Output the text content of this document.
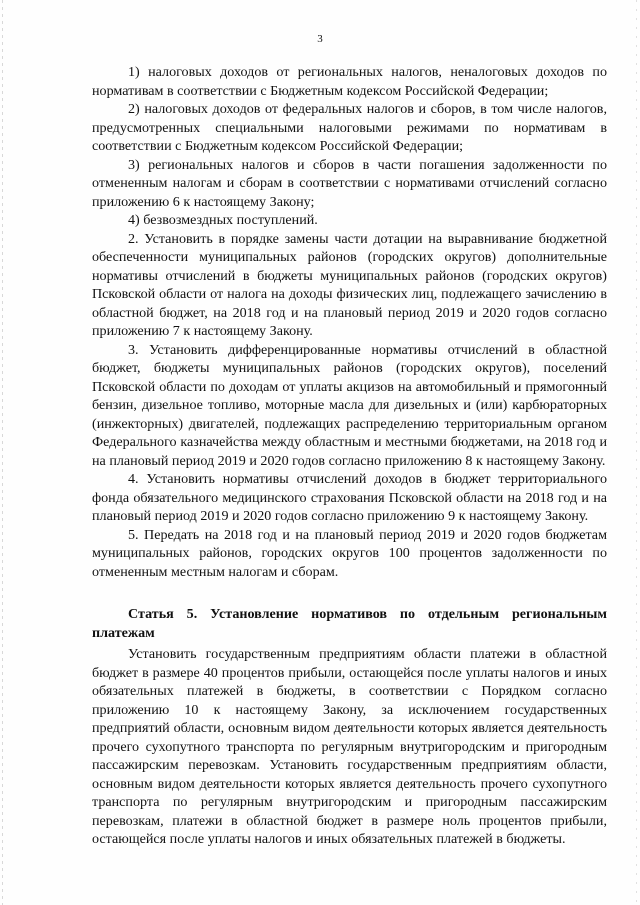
3

1) налоговых доходов от региональных налогов, неналоговых доходов по нормативам в соответствии с Бюджетным кодексом Российской Федерации;

2) налоговых доходов от федеральных налогов и сборов, в том числе налогов, предусмотренных специальными налоговыми режимами по нормативам в соответствии с Бюджетным кодексом Российской Федерации;

3) региональных налогов и сборов в части погашения задолженности по отмененным налогам и сборам в соответствии с нормативами отчислений согласно приложению 6 к настоящему Закону;

4) безвозмездных поступлений.

2. Установить в порядке замены части дотации на выравнивание бюджетной обеспеченности муниципальных районов (городских округов) дополнительные нормативы отчислений в бюджеты муниципальных районов (городских округов) Псковской области от налога на доходы физических лиц, подлежащего зачислению в областной бюджет, на 2018 год и на плановый период 2019 и 2020 годов согласно приложению 7 к настоящему Закону.

3. Установить дифференцированные нормативы отчислений в областной бюджет, бюджеты муниципальных районов (городских округов), поселений Псковской области по доходам от уплаты акцизов на автомобильный и прямогонный бензин, дизельное топливо, моторные масла для дизельных и (или) карбюраторных (инжекторных) двигателей, подлежащих распределению территориальным органом Федерального казначейства между областным и местными бюджетами, на 2018 год и на плановый период 2019 и 2020 годов согласно приложению 8 к настоящему Закону.

4. Установить нормативы отчислений доходов в бюджет территориального фонда обязательного медицинского страхования Псковской области на 2018 год и на плановый период 2019 и 2020 годов согласно приложению 9 к настоящему Закону.

5. Передать на 2018 год и на плановый период 2019 и 2020 годов бюджетам муниципальных районов, городских округов 100 процентов задолженности по отмененным местным налогам и сборам.

Статья 5. Установление нормативов по отдельным региональным платежам

Установить государственным предприятиям области платежи в областной бюджет в размере 40 процентов прибыли, остающейся после уплаты налогов и иных обязательных платежей в бюджеты, в соответствии с Порядком согласно приложению 10 к настоящему Закону, за исключением государственных предприятий области, основным видом деятельности которых является деятельность прочего сухопутного транспорта по регулярным внутригородским и пригородным пассажирским перевозкам. Установить государственным предприятиям области, основным видом деятельности которых является деятельность прочего сухопутного транспорта по регулярным внутригородским и пригородным пассажирским перевозкам, платежи в областной бюджет в размере ноль процентов прибыли, остающейся после уплаты налогов и иных обязательных платежей в бюджеты.
